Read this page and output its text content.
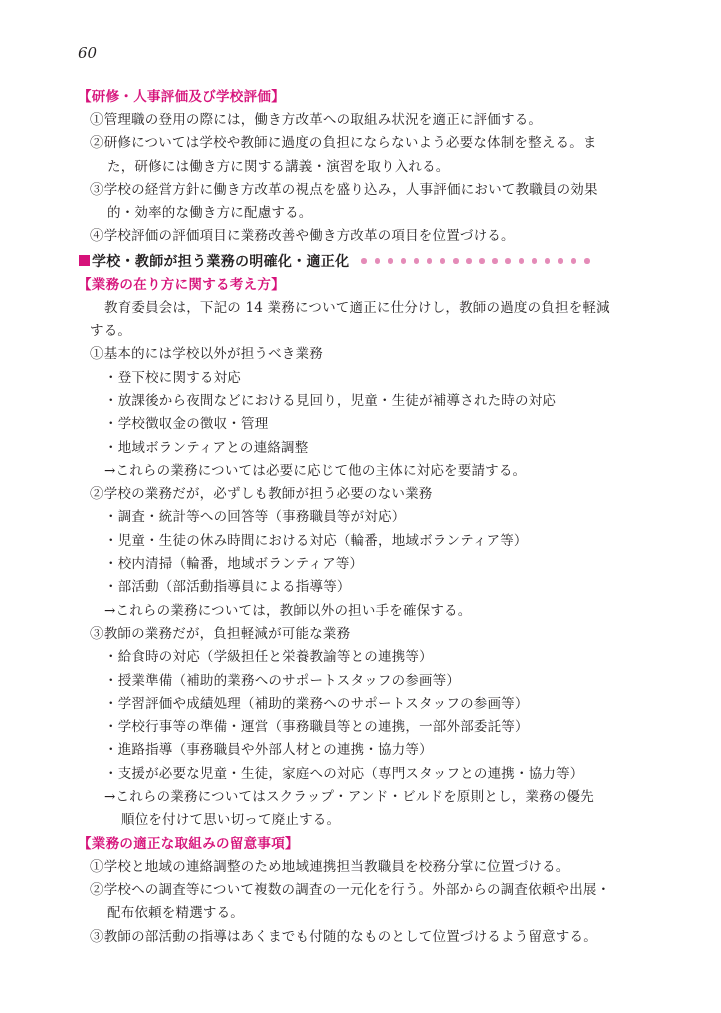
60
【研修・人事評価及び学校評価】
①管理職の登用の際には，働き方改革への取組み状況を適正に評価する。
②研修については学校や教師に過度の負担にならないよう必要な体制を整える。ま
た，研修には働き方に関する講義・演習を取り入れる。
③学校の経営方針に働き方改革の視点を盛り込み，人事評価において教職員の効果
的・効率的な働き方に配慮する。
④学校評価の評価項目に業務改善や働き方改革の項目を位置づける。
学校・教師が担う業務の明確化・適正化
【業務の在り方に関する考え方】
教育委員会は，下記の 14 業務について適正に仕分けし，教師の過度の負担を軽減
する。
①基本的には学校以外が担うべき業務
・登下校に関する対応
・放課後から夜間などにおける見回り，児童・生徒が補導された時の対応
・学校徴収金の徴収・管理
・地域ボランティアとの連絡調整
→これらの業務については必要に応じて他の主体に対応を要請する。
②学校の業務だが，必ずしも教師が担う必要のない業務
・調査・統計等への回答等（事務職員等が対応）
・児童・生徒の休み時間における対応（輪番，地域ボランティア等）
・校内清掃（輪番，地域ボランティア等）
・部活動（部活動指導員による指導等）
→これらの業務については，教師以外の担い手を確保する。
③教師の業務だが，負担軽減が可能な業務
・給食時の対応（学級担任と栄養教諭等との連携等）
・授業準備（補助的業務へのサポートスタッフの参画等）
・学習評価や成績処理（補助的業務へのサポートスタッフの参画等）
・学校行事等の準備・運営（事務職員等との連携，一部外部委託等）
・進路指導（事務職員や外部人材との連携・協力等）
・支援が必要な児童・生徒，家庭への対応（専門スタッフとの連携・協力等）
→これらの業務についてはスクラップ・アンド・ビルドを原則とし，業務の優先
順位を付けて思い切って廃止する。
【業務の適正な取組みの留意事項】
①学校と地域の連絡調整のため地域連携担当教職員を校務分掌に位置づける。
②学校への調査等について複数の調査の一元化を行う。外部からの調査依頼や出展・
配布依頼を精選する。
③教師の部活動の指導はあくまでも付随的なものとして位置づけるよう留意する。
